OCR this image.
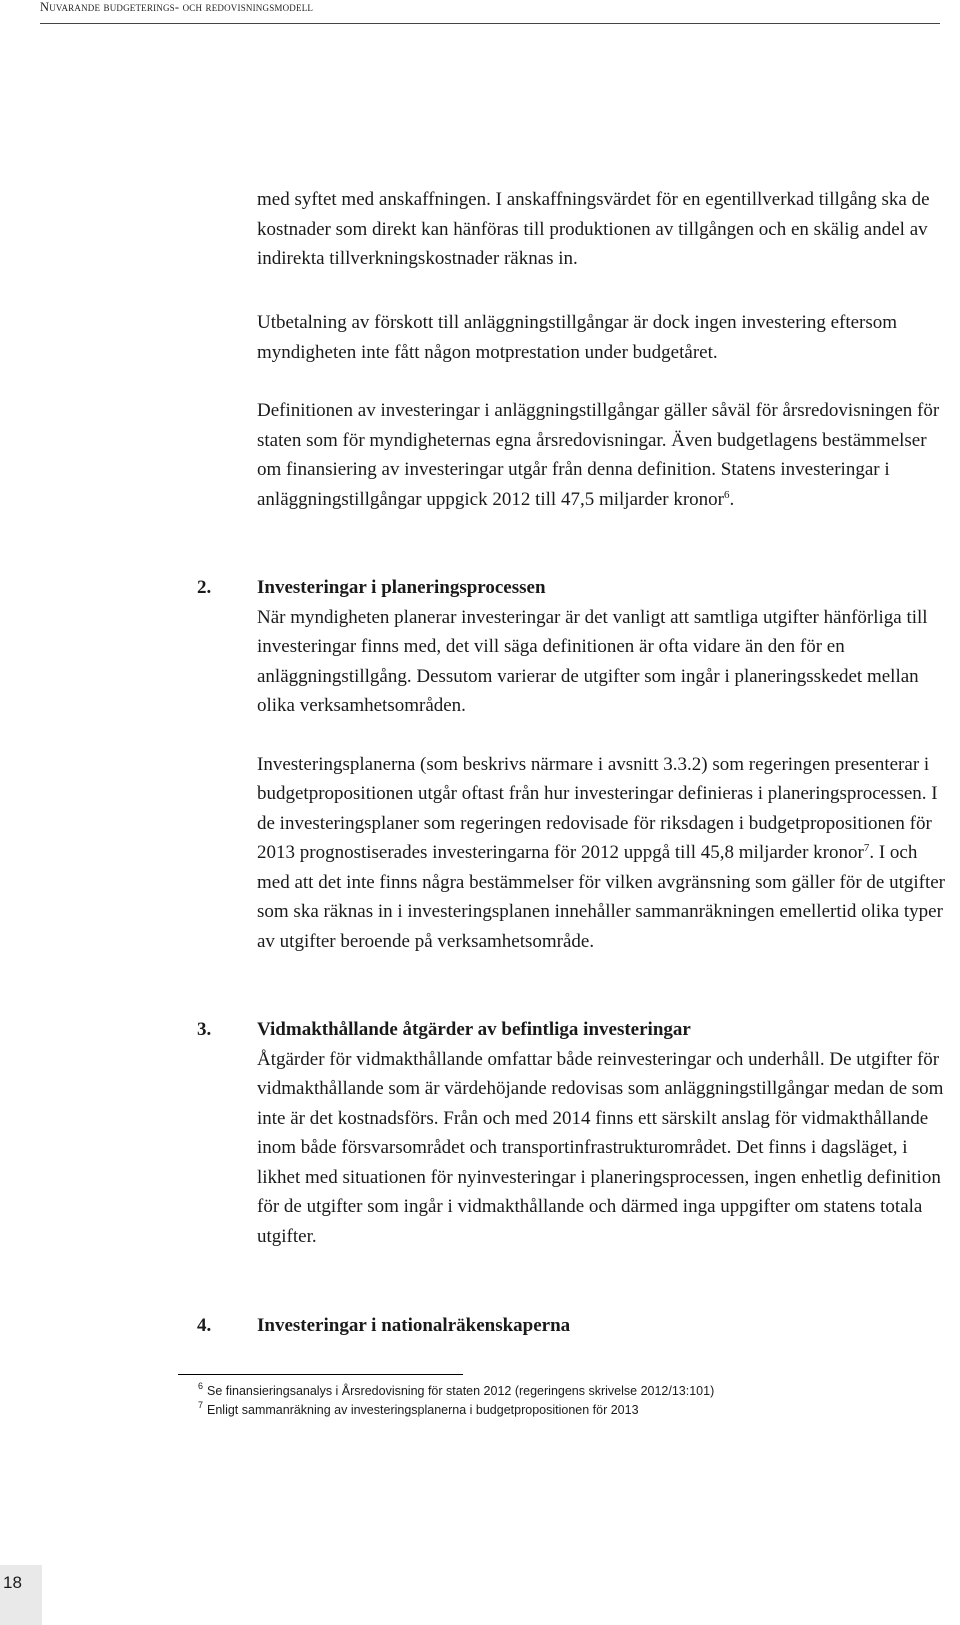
Nuvarande budgeterings- och redovisningsmodell

med syftet med anskaffningen. I anskaffningsvärdet för en egentillverkad tillgång ska de kostnader som direkt kan hänföras till produktionen av tillgången och en skälig andel av indirekta tillverkningskostnader räknas in.

Utbetalning av förskott till anläggningstillgångar är dock ingen investering eftersom myndigheten inte fått någon motprestation under budgetåret.

Definitionen av investeringar i anläggningstillgångar gäller såväl för årsredovisningen för staten som för myndigheternas egna årsredovisningar. Även budgetlagens bestämmelser om finansiering av investeringar utgår från denna definition. Statens investeringar i anläggningstillgångar uppgick 2012 till 47,5 miljarder kronor$^6$.

2.	Investeringar i planeringsprocessen

När myndigheten planerar investeringar är det vanligt att samtliga utgifter hänförliga till investeringar finns med, det vill säga definitionen är ofta vidare än den för en anläggningstillgång. Dessutom varierar de utgifter som ingår i planeringsskedet mellan olika verksamhetsområden.

Investeringsplanerna (som beskrivs närmare i avsnitt 3.3.2) som regeringen presenterar i budgetpropositionen utgår oftast från hur investeringar definieras i planeringsprocessen. I de investeringsplaner som regeringen redovisade för riksdagen i budgetpropositionen för 2013 prognostiserades investeringarna för 2012 uppgå till 45,8 miljarder kronor$^7$. I och med att det inte finns några bestämmelser för vilken avgränsning som gäller för de utgifter som ska räknas in i investeringsplanen innehåller sammanräkningen emellertid olika typer av utgifter beroende på verksamhetsområde.

3.	Vidmakthållande åtgärder av befintliga investeringar

Åtgärder för vidmakthållande omfattar både reinvesteringar och underhåll. De utgifter för vidmakthållande som är värdehöjande redovisas som anläggningstillgångar medan de som inte är det kostnadsförs. Från och med 2014 finns ett särskilt anslag för vidmakthållande inom både försvarsområdet och transportinfrastrukturområdet. Det finns i dagsläget, i likhet med situationen för nyinvesteringar i planeringsprocessen, ingen enhetlig definition för de utgifter som ingår i vidmakthållande och därmed inga uppgifter om statens totala utgifter.

4.	Investeringar i nationalräkenskaperna
$^6$ Se finansieringsanalys i Årsredovisning för staten 2012 (regeringens skrivelse 2012/13:101)
$^7$ Enligt sammanräkning av investeringsplanerna i budgetpropositionen för 2013
18
